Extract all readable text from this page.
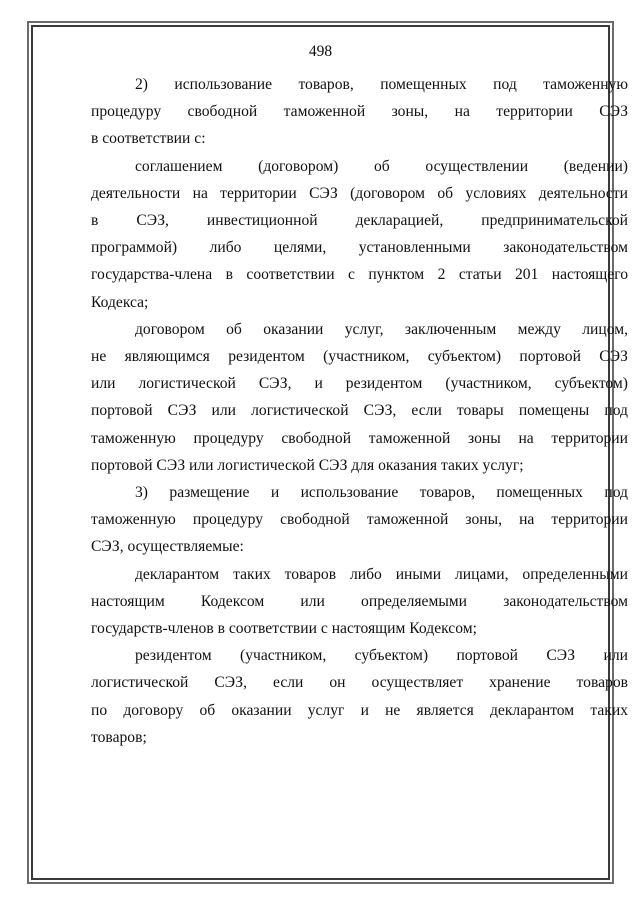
498

2) использование товаров, помещенных под таможенную
процедуру свободной таможенной зоны, на территории СЭЗ
в соответствии с:

соглашением (договором) об осуществлении (ведении)
деятельности на территории СЭЗ (договором об условиях деятельности
в СЭЗ, инвестиционной декларацией, предпринимательской
программой) либо целями, установленными законодательством
государства-члена в соответствии с пунктом 2 статьи 201 настоящего
Кодекса;

договором об оказании услуг, заключенным между лицом,
не являющимся резидентом (участником, субъектом) портовой СЭЗ
или логистической СЭЗ, и резидентом (участником, субъектом)
портовой СЭЗ или логистической СЭЗ, если товары помещены под
таможенную процедуру свободной таможенной зоны на территории
портовой СЭЗ или логистической СЭЗ для оказания таких услуг;

3) размещение и использование товаров, помещенных под
таможенную процедуру свободной таможенной зоны, на территории
СЭЗ, осуществляемые:

декларантом таких товаров либо иными лицами, определенными
настоящим Кодексом или определяемыми законодательством
государств-членов в соответствии с настоящим Кодексом;

резидентом (участником, субъектом) портовой СЭЗ или
логистической СЭЗ, если он осуществляет хранение товаров
по договору об оказании услуг и не является декларантом таких
товаров;
